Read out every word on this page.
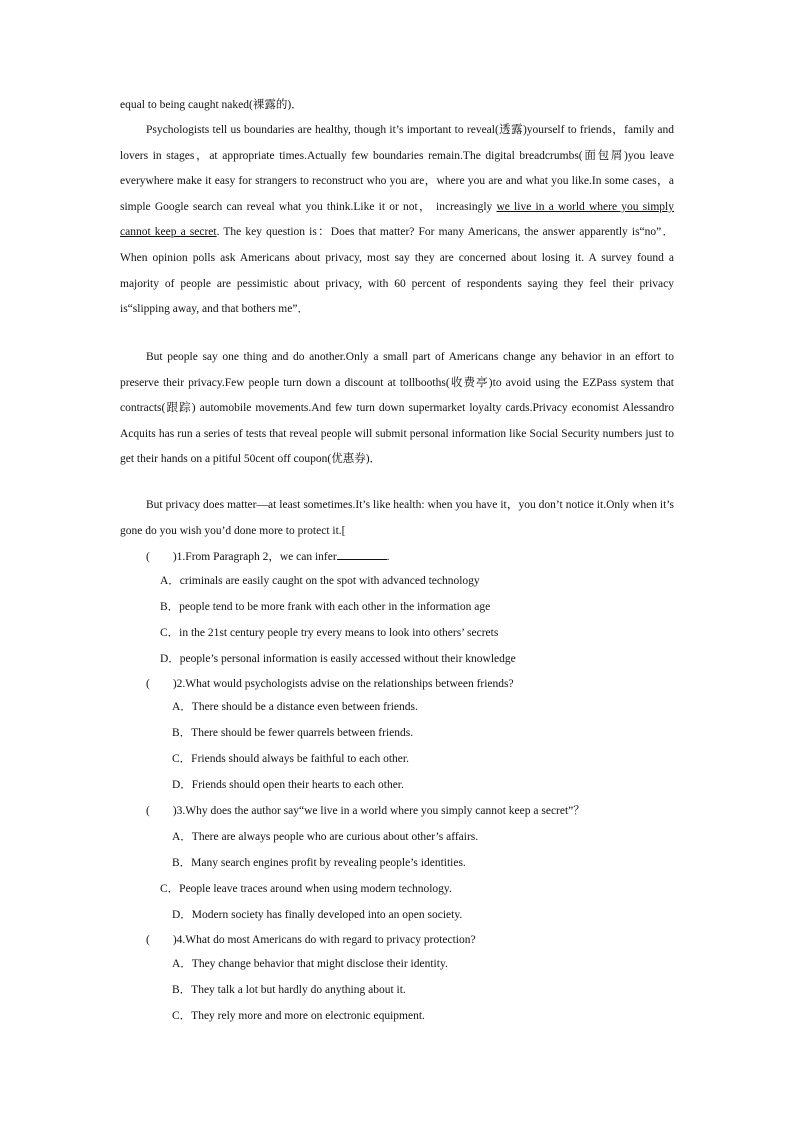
equal to being caught naked(裸露的)．
Psychologists tell us boundaries are healthy, though it’s important to reveal(透露)yourself to friends，family and lovers in stages，at appropriate times.Actually few boundaries remain.The digital breadcrumbs(面包屑)you leave everywhere make it easy for strangers to reconstruct who you are，where you are and what you like.In some cases，a simple Google search can reveal what you think.Like it or not， increasingly we live in a world where you simply cannot keep a secret. The key question is：Does that matter? For many Americans, the answer apparently is“no”．When opinion polls ask Americans about privacy, most say they are concerned about losing it. A survey found a majority of people are pessimistic about privacy, with 60 percent of respondents saying they feel their privacy is“slipping away, and that bothers me”．
But people say one thing and do another.Only a small part of Americans change any behavior in an effort to preserve their privacy.Few people turn down a discount at tollbooths(收费亭)to avoid using the EZPass system that contracts(跟踪) automobile movements.And few turn down supermarket loyalty cards.Privacy economist Alessandro Acquits has run a series of tests that reveal people will submit personal information like Social Security numbers just to get their hands on a pitiful 50cent off coupon(优惠券)．
But privacy does matter—at least sometimes.It’s like health: when you have it，you don’t notice it.Only when it’s gone do you wish you’d done more to protect it.[
(　　)1.From Paragraph 2，we can infer	.
A．criminals are easily caught on the spot with advanced technology
B．people tend to be more frank with each other in the information age
C．in the 21st century people try every means to look into others’ secrets
D．people’s personal information is easily accessed without their knowledge
(　　)2.What would psychologists advise on the relationships between friends?
A．There should be a distance even between friends.
B．There should be fewer quarrels between friends.
C．Friends should always be faithful to each other.
D．Friends should open their hearts to each other.
(　　)3.Why does the author say“we live in a world where you simply cannot keep a secret”？
A．There are always people who are curious about other’s affairs.
B．Many search engines profit by revealing people’s identities.
C．People leave traces around when using modern technology.
D．Modern society has finally developed into an open society.
(　　)4.What do most Americans do with regard to privacy protection?
A．They change behavior that might disclose their identity.
B．They talk a lot but hardly do anything about it.
C．They rely more and more on electronic equipment.
